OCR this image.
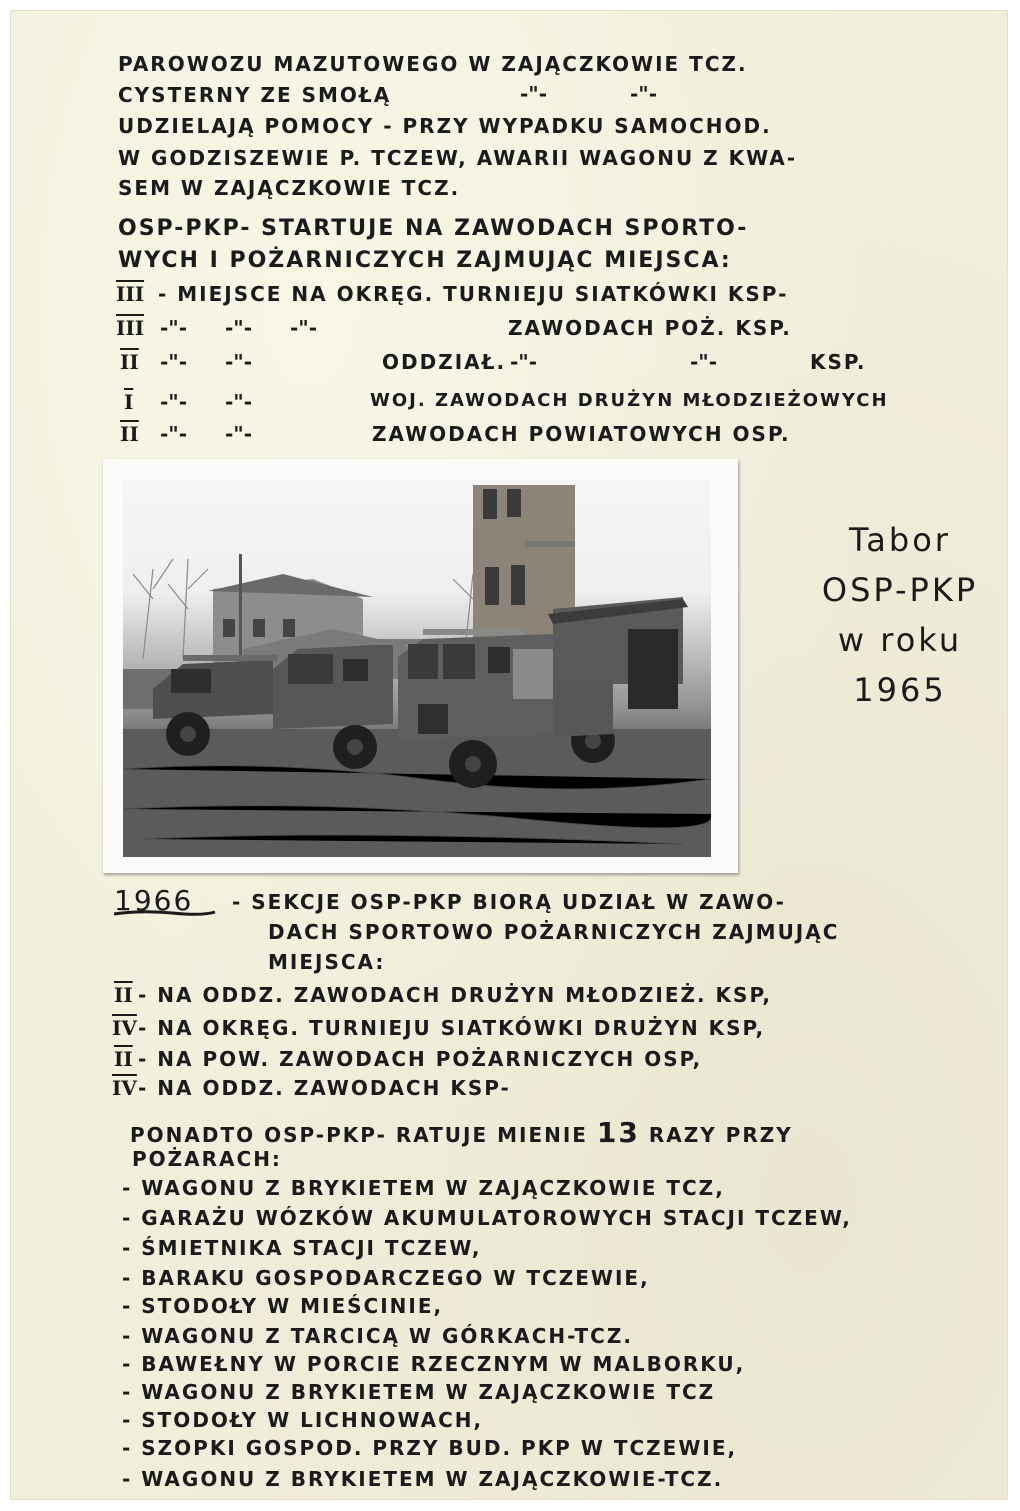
PAROWOZU MAZUTOWEGO W ZAJĄCZKOWIE TCZ.
CYSTERNY ZE SMOŁĄ	-"-	-"-
UDZIELAJĄ POMOCY - PRZY WYPADKU SAMOCHOD.
W GODZISZEWIE P. TCZEW, AWARII WAGONU Z KWA-
SEM W ZAJĄCZKOWIE TCZ.
OSP-PKP- STARTUJE NA ZAWODACH SPORTO-
WYCH I POŻARNICZYCH ZAJMUJĄC MIEJSCA:
$\overline{III}$ - MIEJSCE NA OKRĘG. TURNIEJU SIATKÓWKI KSP-
$\overline{III}$ -"- -"- -"-	ZAWODACH POŻ. KSP.
$\overline{II}$ -"- -"-	ODDZIAŁ. -"-	-"-	KSP.
$\overline{I}$ -"- -"-	WOJ. ZAWODACH DRUŻYN MŁODZIEŻOWYCH
$\overline{II}$ -"- -"-	ZAWODACH POWIATOWYCH OSP.
Tabor
OSP-PKP
w roku
1965
1966 - SEKCJE OSP-PKP BIORĄ UDZIAŁ W ZAWO-
DACH SPORTOWO POŻARNICZYCH ZAJMUJĄC
MIEJSCA:
$\overline{II}$ - NA ODDZ. ZAWODACH DRUŻYN MŁODZIEŻ. KSP,
$\overline{IV}$ - NA OKRĘG. TURNIEJU SIATKÓWKI DRUŻYN KSP,
$\overline{II}$ - NA POW. ZAWODACH POŻARNICZYCH OSP,
$\overline{IV}$ - NA ODDZ. ZAWODACH KSP-
PONADTO OSP-PKP- RATUJE MIENIE 13 RAZY PRZY
POŻARACH:
- WAGONU Z BRYKIETEM W ZAJĄCZKOWIE TCZ,
- GARAŻU WÓZKÓW AKUMULATOROWYCH STACJI TCZEW,
- ŚMIETNIKA STACJI TCZEW,
- BARAKU GOSPODARCZEGO W TCZEWIE,
- STODOŁY W MIEŚCINIE,
- WAGONU Z TARCICĄ W GÓRKACH-TCZ.
- BAWEŁNY W PORCIE RZECZNYM W MALBORKU,
- WAGONU Z BRYKIETEM W ZAJĄCZKOWIE TCZ
- STODOŁY W LICHNOWACH,
- SZOPKI GOSPOD. PRZY BUD. PKP W TCZEWIE,
- WAGONU Z BRYKIETEM W ZAJĄCZKOWIE-TCZ.
